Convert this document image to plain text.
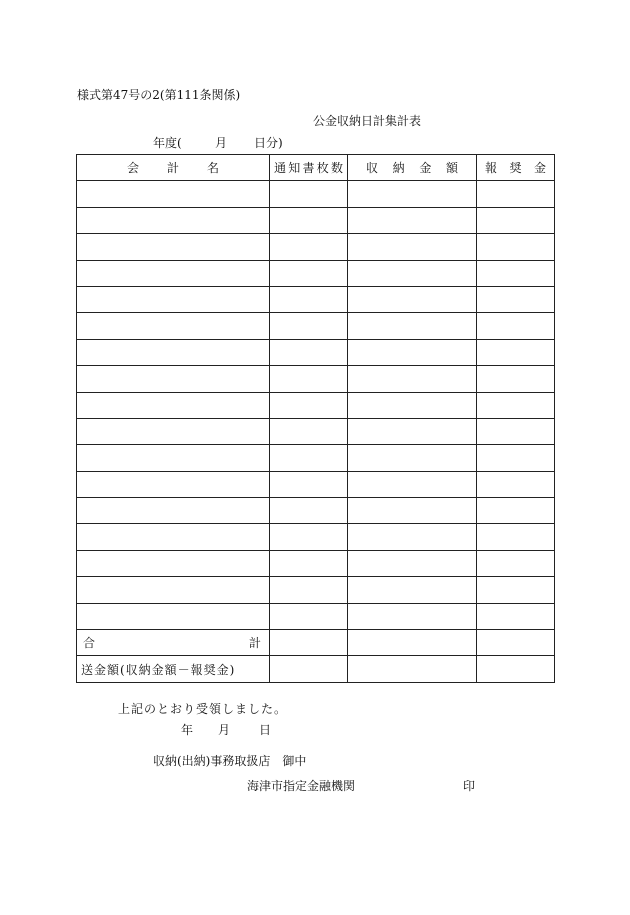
様式第47号の2(第111条関係)
公金収納日計集計表
年度(	月 日分)
会 計 名	通 知 書 枚 数	収 納 金 額	報 奨 金

合 計			

送金額(収納金額－報奨金)			
上記のとおり受領しました。
年 月 日
収納(出納)事務取扱店　御中
海津市指定金融機関	印
